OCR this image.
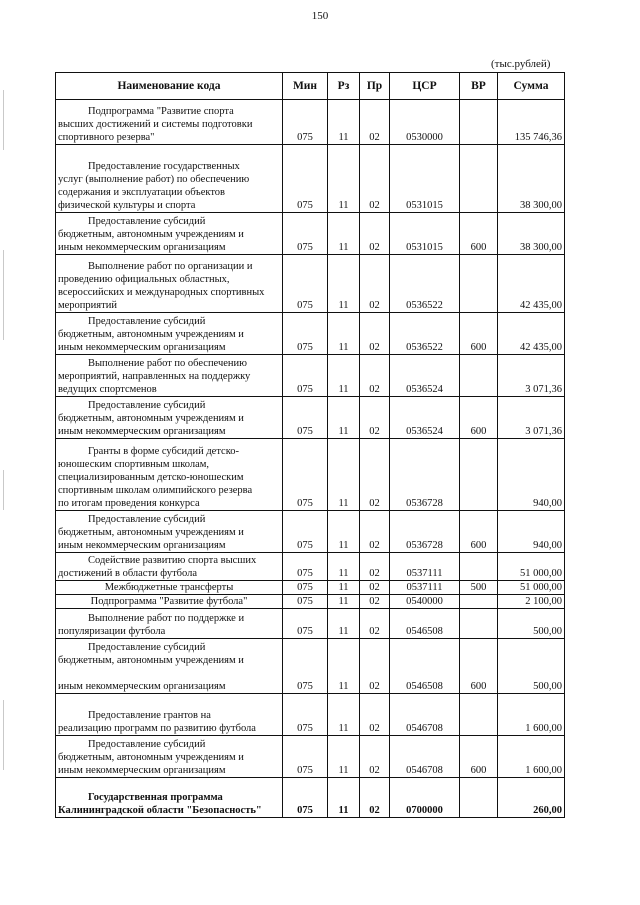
150
(тыс.рублей)
Наименование кода	Мин	Рз	Пр	ЦСР	ВР	Сумма

Подпрограмма "Развитие спорта
высших достижений и системы подготовки
спортивного резерва"	075	11	02	0530000		135 746,36

Предоставление государственных
услуг (выполнение работ) по обеспечению
содержания и эксплуатации объектов
физической культуры и спорта	075	11	02	0531015		38 300,00

Предоставление субсидий
бюджетным, автономным учреждениям и
иным некоммерческим организациям	075	11	02	0531015	600	38 300,00

Выполнение работ по организации и
проведению официальных областных,
всероссийских и международных спортивных
мероприятий	075	11	02	0536522		42 435,00

Предоставление субсидий
бюджетным, автономным учреждениям и
иным некоммерческим организациям	075	11	02	0536522	600	42 435,00

Выполнение работ по обеспечению
мероприятий, направленных на поддержку
ведущих спортсменов	075	11	02	0536524		3 071,36

Предоставление субсидий
бюджетным, автономным учреждениям и
иным некоммерческим организациям	075	11	02	0536524	600	3 071,36

Гранты в форме субсидий детско-
юношеским спортивным школам,
специализированным детско-юношеским
спортивным школам олимпийского резерва
по итогам проведения конкурса	075	11	02	0536728		940,00

Предоставление субсидий
бюджетным, автономным учреждениям и
иным некоммерческим организациям	075	11	02	0536728	600	940,00

Содействие развитию спорта высших
достижений в области футбола	075	11	02	0537111		51 000,00

Межбюджетные трансферты	075	11	02	0537111	500	51 000,00

Подпрограмма "Развитие футбола"	075	11	02	0540000		2 100,00

Выполнение работ по поддержке и
популяризации футбола	075	11	02	0546508		500,00

Предоставление субсидий
бюджетным, автономным учреждениям и

иным некоммерческим организациям	075	11	02	0546508	600	500,00

Предоставление грантов на
реализацию программ по развитию футбола	075	11	02	0546708		1 600,00

Предоставление субсидий
бюджетным, автономным учреждениям и
иным некоммерческим организациям	075	11	02	0546708	600	1 600,00

Государственная программа
Калининградской области "Безопасность"	075	11	02	0700000		260,00
